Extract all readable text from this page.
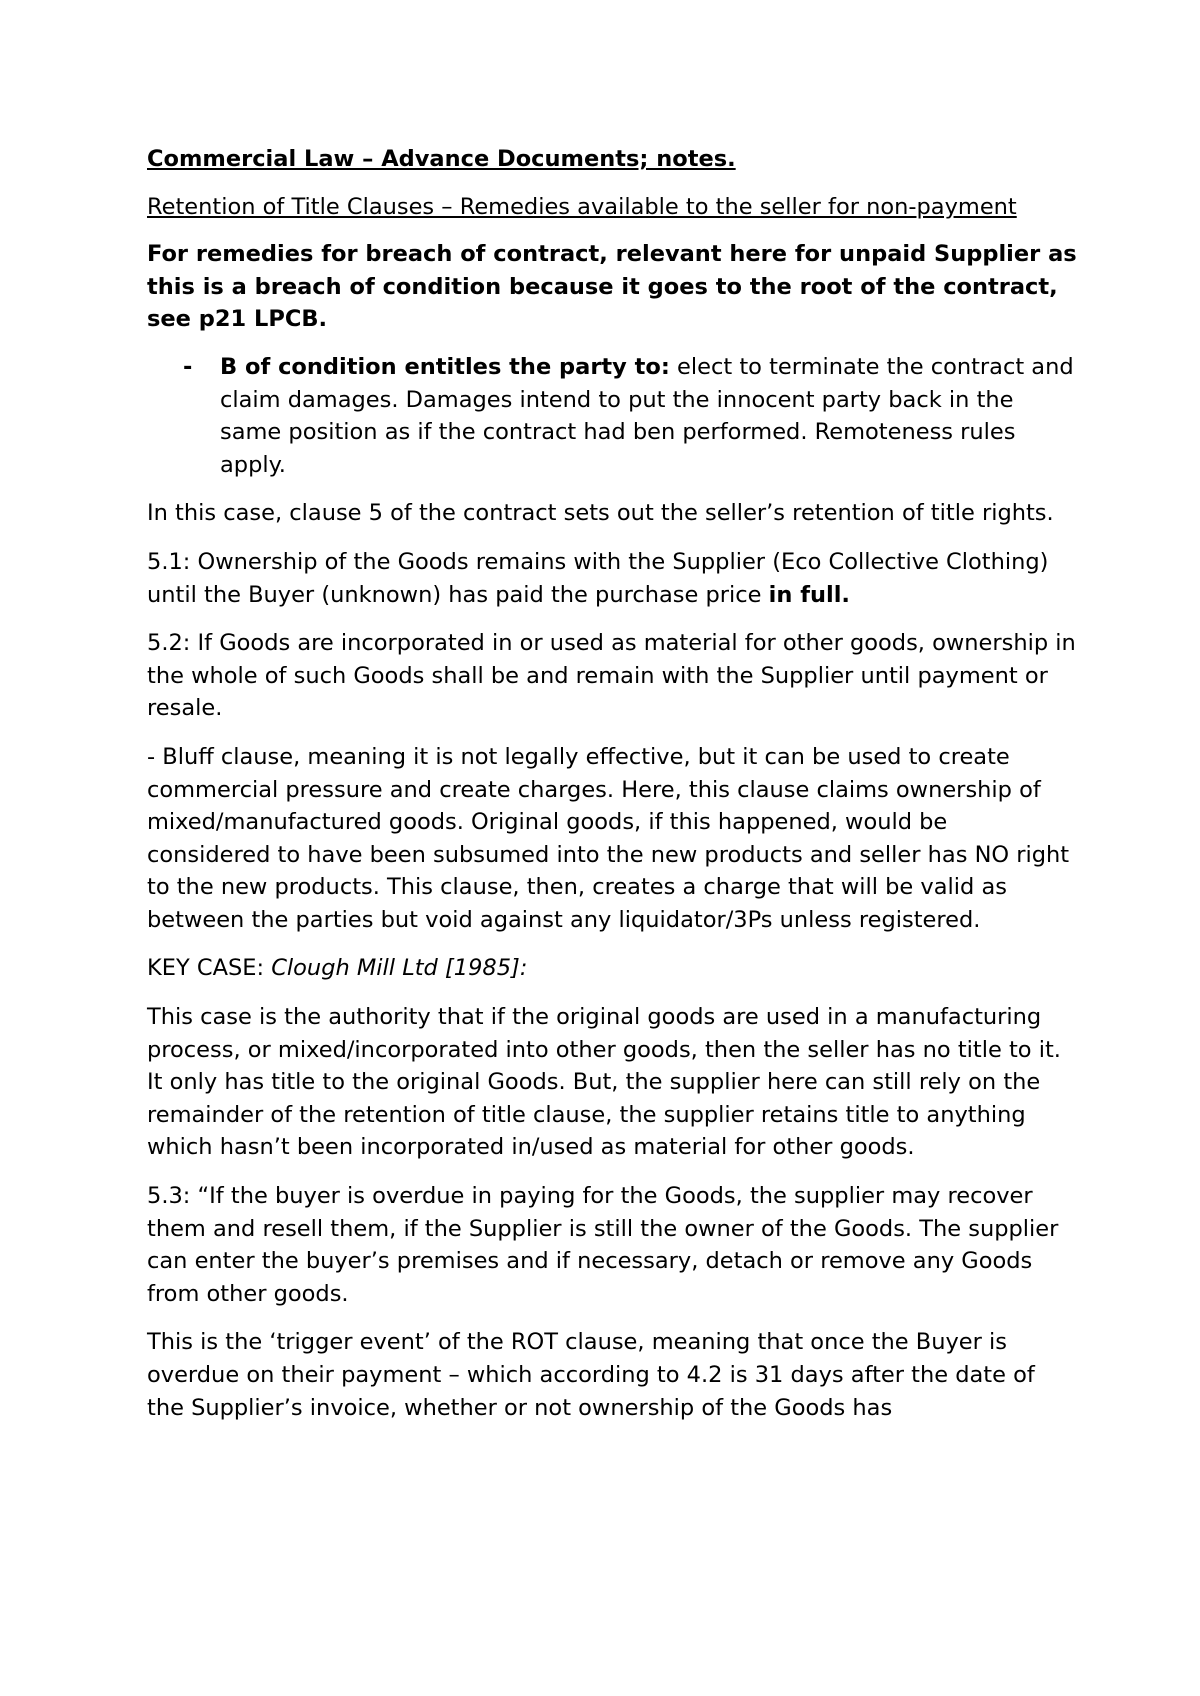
Commercial Law – Advance Documents; notes.

Retention of Title Clauses – Remedies available to the seller for non-payment

For remedies for breach of contract, relevant here for unpaid Supplier as this is a breach of condition because it goes to the root of the contract, see p21 LPCB.

- B of condition entitles the party to: elect to terminate the contract and claim damages. Damages intend to put the innocent party back in the same position as if the contract had ben performed. Remoteness rules apply.

In this case, clause 5 of the contract sets out the seller’s retention of title rights.

5.1: Ownership of the Goods remains with the Supplier (Eco Collective Clothing) until the Buyer (unknown) has paid the purchase price in full.

5.2: If Goods are incorporated in or used as material for other goods, ownership in the whole of such Goods shall be and remain with the Supplier until payment or resale.

- Bluff clause, meaning it is not legally effective, but it can be used to create commercial pressure and create charges. Here, this clause claims ownership of mixed/manufactured goods. Original goods, if this happened, would be considered to have been subsumed into the new products and seller has NO right to the new products. This clause, then, creates a charge that will be valid as between the parties but void against any liquidator/3Ps unless registered.

KEY CASE: Clough Mill Ltd [1985]:

This case is the authority that if the original goods are used in a manufacturing process, or mixed/incorporated into other goods, then the seller has no title to it. It only has title to the original Goods. But, the supplier here can still rely on the remainder of the retention of title clause, the supplier retains title to anything which hasn’t been incorporated in/used as material for other goods.

5.3: “If the buyer is overdue in paying for the Goods, the supplier may recover them and resell them, if the Supplier is still the owner of the Goods. The supplier can enter the buyer’s premises and if necessary, detach or remove any Goods from other goods.

This is the ‘trigger event’ of the ROT clause, meaning that once the Buyer is overdue on their payment – which according to 4.2 is 31 days after the date of the Supplier’s invoice, whether or not ownership of the Goods has
